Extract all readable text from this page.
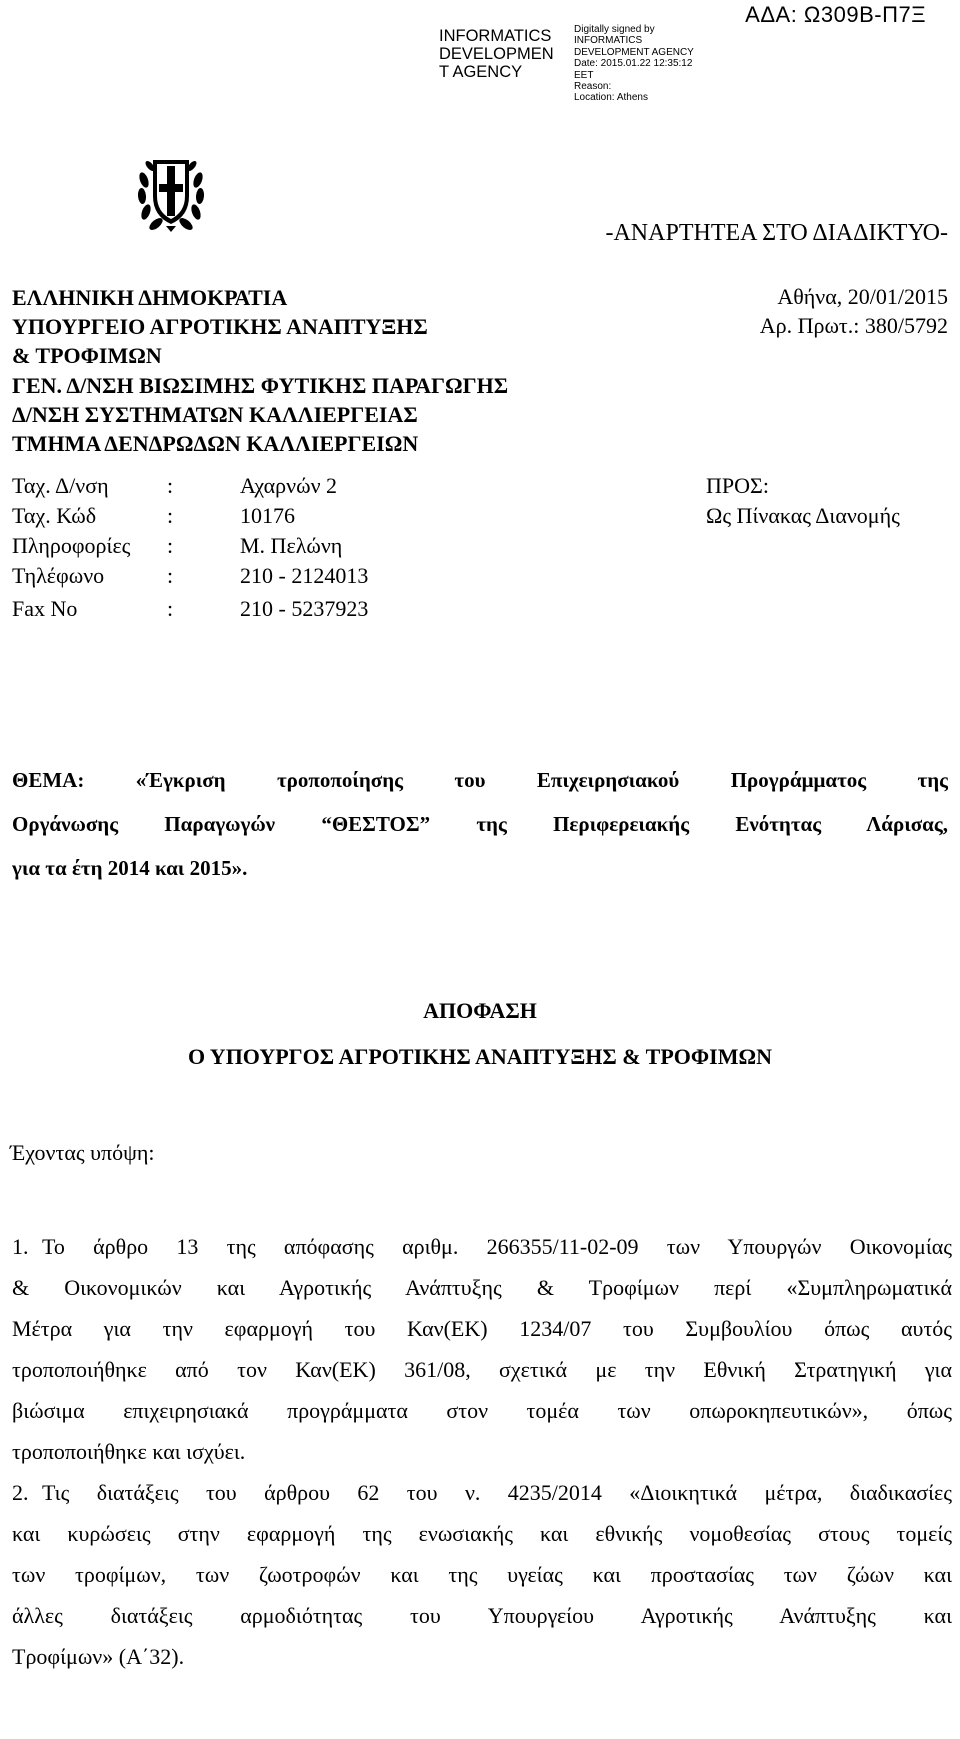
INFORMATICS
DEVELOPMEN
T AGENCY
Digitally signed by
INFORMATICS
DEVELOPMENT AGENCY
Date: 2015.01.22 12:35:12
EET
Reason:
Location: Athens
ΑΔΑ: Ω309Β-Π7Ξ
-ΑΝΑΡΤΗΤΕΑ ΣΤΟ ΔΙΑΔΙΚΤΥΟ-
ΕΛΛΗΝΙΚΗ ΔΗΜΟΚΡΑΤΙΑ
ΥΠΟΥΡΓΕΙΟ ΑΓΡΟΤΙΚΗΣ ΑΝΑΠΤΥΞΗΣ
& ΤΡΟΦΙΜΩΝ
ΓΕΝ. Δ/ΝΣΗ ΒΙΩΣΙΜΗΣ ΦΥΤΙΚΗΣ ΠΑΡΑΓΩΓΗΣ
Δ/ΝΣΗ ΣΥΣΤΗΜΑΤΩΝ ΚΑΛΛΙΕΡΓΕΙΑΣ
ΤΜΗΜΑ ΔΕΝΔΡΩΔΩΝ ΚΑΛΛΙΕΡΓΕΙΩΝ
Αθήνα, 20/01/2015
Αρ. Πρωτ.: 380/5792
Ταχ. Δ/νση	:	Αχαρνών 2
Ταχ. Κώδ	:	10176
Πληροφορίες :	Μ. Πελώνη
Τηλέφωνο	:	210 - 2124013
Fax No	:	210 - 5237923
ΠΡΟΣ:
Ως Πίνακας Διανομής
ΘΕΜΑ: «Έγκριση τροποποίησης του Επιχειρησιακού Προγράμματος της
Οργάνωσης Παραγωγών “ΘΕΣΤΟΣ” της Περιφερειακής Ενότητας Λάρισας,
για τα έτη 2014 και 2015».
ΑΠΟΦΑΣΗ
Ο ΥΠΟΥΡΓΟΣ ΑΓΡΟΤΙΚΗΣ ΑΝΑΠΤΥΞΗΣ & ΤΡΟΦΙΜΩΝ
Έχοντας υπόψη:
1. Το άρθρο 13 της απόφασης αριθμ. 266355/11-02-09 των Υπουργών Οικονομίας
& Οικονομικών και Αγροτικής Ανάπτυξης & Τροφίμων περί «Συμπληρωματικά
Μέτρα για την εφαρμογή του Καν(ΕΚ) 1234/07 του Συμβουλίου όπως αυτός
τροποποιήθηκε από τον Καν(ΕΚ) 361/08, σχετικά με την Εθνική Στρατηγική για
βιώσιμα επιχειρησιακά προγράμματα στον τομέα των οπωροκηπευτικών», όπως
τροποποιήθηκε και ισχύει.
2. Τις διατάξεις του άρθρου 62 του ν. 4235/2014 «Διοικητικά μέτρα, διαδικασίες
και κυρώσεις στην εφαρμογή της ενωσιακής και εθνικής νομοθεσίας στους τομείς
των τροφίμων, των ζωοτροφών και της υγείας και προστασίας των ζώων και
άλλες διατάξεις αρμοδιότητας του Υπουργείου Αγροτικής Ανάπτυξης και
Τροφίμων» (Α΄32).
